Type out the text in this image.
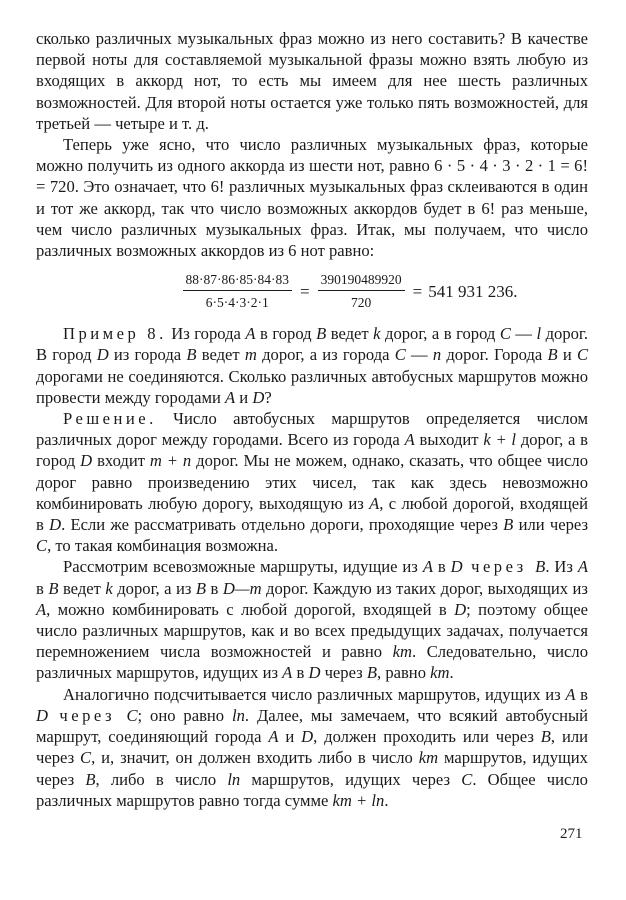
сколько различных музыкальных фраз можно из него составить? В качестве первой ноты для составляемой музыкальной фразы можно взять любую из входящих в аккорд нот, то есть мы имеем для нее шесть различных возможностей. Для второй ноты остается уже только пять возможностей, для третьей — четыре и т. д.

Теперь уже ясно, что число различных музыкальных фраз, которые можно получить из одного аккорда из шести нот, равно 6 · 5 · 4 · 3 · 2 · 1 = 6! = 720. Это означает, что 6! различных музыкальных фраз склеиваются в один и тот же аккорд, так что число возможных аккордов будет в 6! раз меньше, чем число различных музыкальных фраз. Итак, мы получаем, что число различных возможных аккордов из 6 нот равно:

$\frac{88\cdot 87\cdot 86\cdot 85\cdot 84\cdot 83}{6\cdot 5\cdot 4\cdot 3\cdot 2\cdot 1} = \frac{390190489920}{720} = 541$ 931 236.

Пример 8. Из города A в город B ведет k дорог, а в город C — l дорог. В город D из города B ведет m дорог, а из города C — n дорог. Города B и C дорогами не соединяются. Сколько различных автобусных маршрутов можно провести между городами A и D?

Решение. Число автобусных маршрутов определяется числом различных дорог между городами. Всего из города A выходит k + l дорог, а в город D входит m + n дорог. Мы не можем, однако, сказать, что общее число дорог равно произведению этих чисел, так как здесь невозможно комбинировать любую дорогу, выходящую из A, с любой дорогой, входящей в D. Если же рассматривать отдельно дороги, проходящие через B или через C, то такая комбинация возможна.

Рассмотрим всевозможные маршруты, идущие из A в D через B. Из A в B ведет k дорог, а из B в D—m дорог. Каждую из таких дорог, выходящих из A, можно комбинировать с любой дорогой, входящей в D; поэтому общее число различных маршрутов, как и во всех предыдущих задачах, получается перемножением числа возможностей и равно km. Следовательно, число различных маршрутов, идущих из A в D через B, равно km.

Аналогично подсчитывается число различных маршрутов, идущих из A в D через C; оно равно ln. Далее, мы замечаем, что всякий автобусный маршрут, соединяющий города A и D, должен проходить или через B, или через C, и, значит, он должен входить либо в число km маршрутов, идущих через B, либо в число ln маршрутов, идущих через C. Общее число различных маршрутов равно тогда сумме km + ln.

271
